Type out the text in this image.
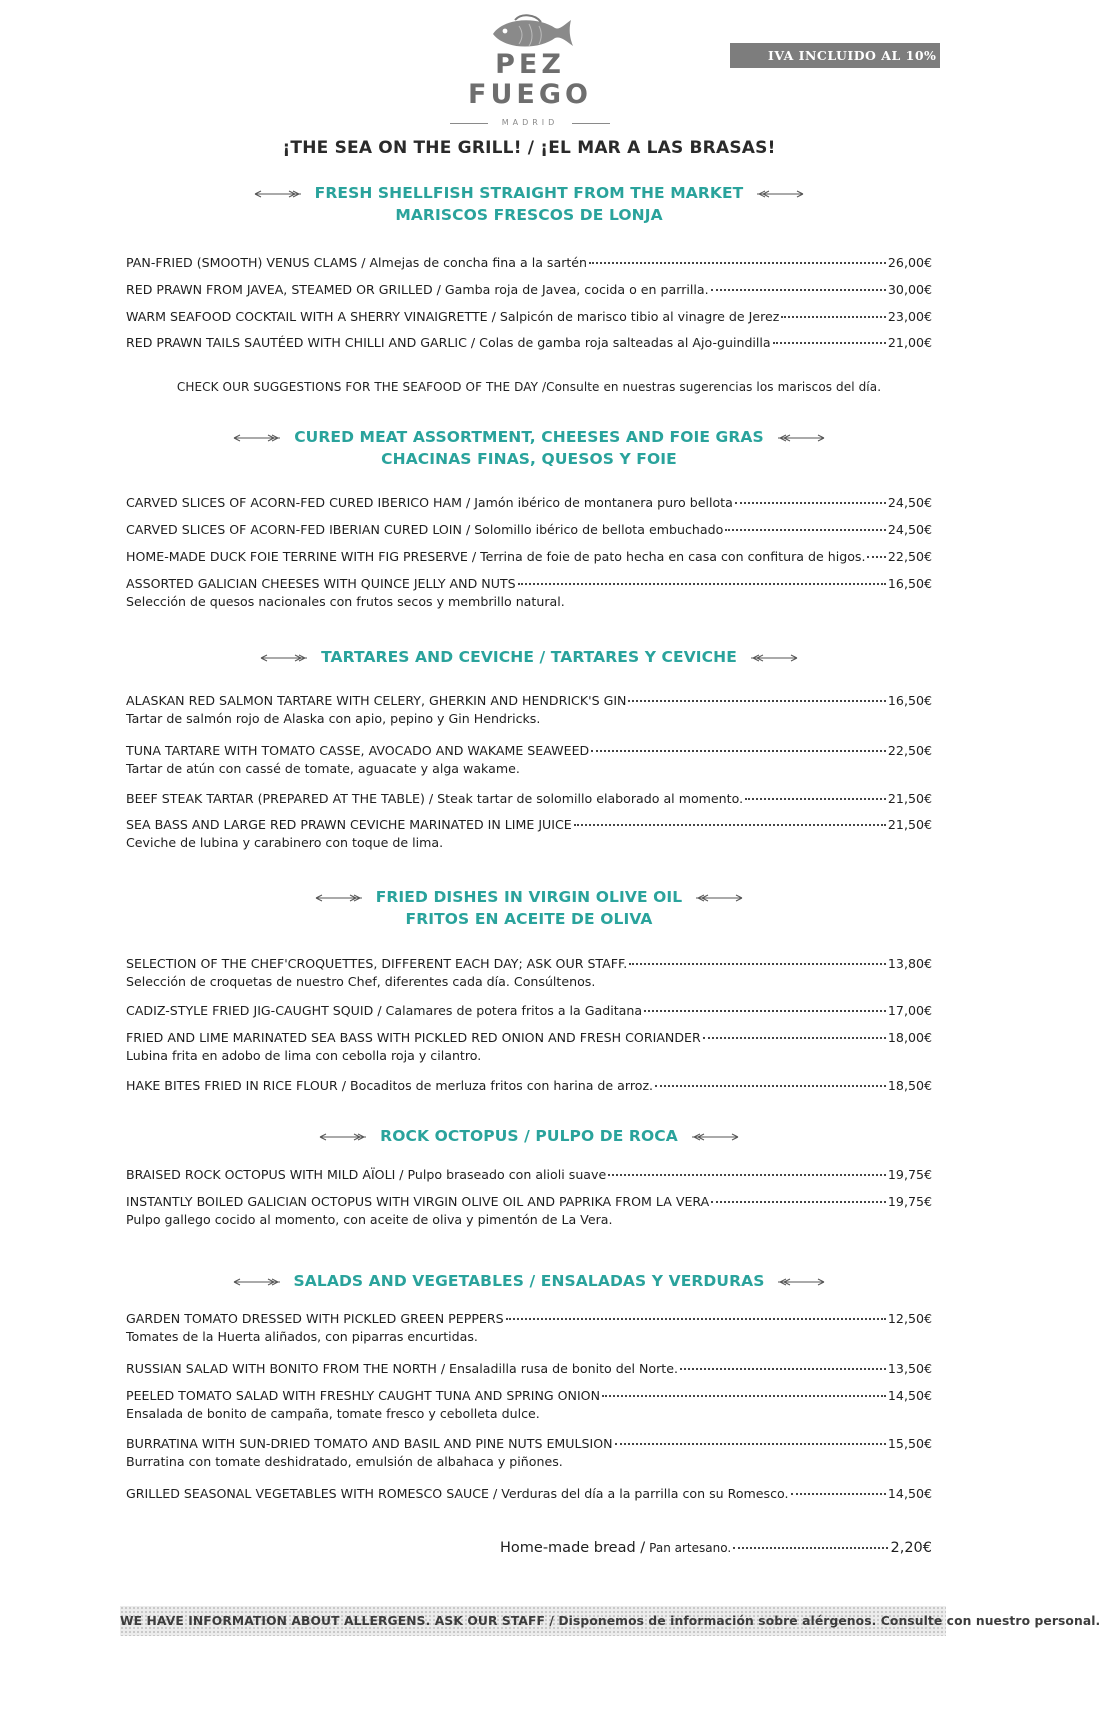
PEZ FUEGO
MADRID
IVA INCLUIDO AL 10%
¡THE SEA ON THE GRILL! / ¡EL MAR A LAS BRASAS!
FRESH SHELLFISH STRAIGHT FROM THE MARKET
MARISCOS FRESCOS DE LONJA
PAN-FRIED (SMOOTH) VENUS CLAMS / Almejas de concha fina a la sartén	26,00€
RED PRAWN FROM JAVEA, STEAMED OR GRILLED / Gamba roja de Javea, cocida o en parrilla.	30,00€
WARM SEAFOOD COCKTAIL WITH A SHERRY VINAIGRETTE / Salpicón de marisco tibio al vinagre de Jerez	23,00€
RED PRAWN TAILS SAUTÉED WITH CHILLI AND GARLIC / Colas de gamba roja salteadas al Ajo-guindilla	21,00€
CURED MEAT ASSORTMENT, CHEESES AND FOIE GRAS
CHACINAS FINAS, QUESOS Y FOIE
CARVED SLICES OF ACORN-FED CURED IBERICO HAM / Jamón ibérico de montanera puro bellota	24,50€
CARVED SLICES OF ACORN-FED IBERIAN CURED LOIN / Solomillo ibérico de bellota embuchado	24,50€
HOME-MADE DUCK FOIE TERRINE WITH FIG PRESERVE / Terrina de foie de pato hecha en casa con confitura de higos. 22,50€
ASSORTED GALICIAN CHEESES WITH QUINCE JELLY AND NUTS	16,50€
Selección de quesos nacionales con frutos secos y membrillo natural.
TARTARES AND CEVICHE / TARTARES Y CEVICHE
ALASKAN RED SALMON TARTARE WITH CELERY, GHERKIN AND HENDRICK'S GIN	16,50€
Tartar de salmón rojo de Alaska con apio, pepino y Gin Hendricks.
TUNA TARTARE WITH TOMATO CASSE, AVOCADO AND WAKAME SEAWEED	22,50€
Tartar de atún con cassé de tomate, aguacate y alga wakame.
BEEF STEAK TARTAR (PREPARED AT THE TABLE) / Steak tartar de solomillo elaborado al momento.	21,50€
SEA BASS AND LARGE RED PRAWN CEVICHE MARINATED IN LIME JUICE	21,50€
Ceviche de lubina y carabinero con toque de lima.
FRIED DISHES IN VIRGIN OLIVE OIL
FRITOS EN ACEITE DE OLIVA
SELECTION OF THE CHEF'CROQUETTES, DIFFERENT EACH DAY; ASK OUR STAFF.	13,80€
Selección de croquetas de nuestro Chef, diferentes cada día. Consúltenos.
CADIZ-STYLE FRIED JIG-CAUGHT SQUID / Calamares de potera fritos a la Gaditana	17,00€
FRIED AND LIME MARINATED SEA BASS WITH PICKLED RED ONION AND FRESH CORIANDER	18,00€
Lubina frita en adobo de lima con cebolla roja y cilantro.
HAKE BITES FRIED IN RICE FLOUR / Bocaditos de merluza fritos con harina de arroz.	18,50€
ROCK OCTOPUS / PULPO DE ROCA
BRAISED ROCK OCTOPUS WITH MILD AÏOLI / Pulpo braseado con alioli suave	19,75€
INSTANTLY BOILED GALICIAN OCTOPUS WITH VIRGIN OLIVE OIL AND PAPRIKA FROM LA VERA	19,75€
Pulpo gallego cocido al momento, con aceite de oliva y pimentón de La Vera.
SALADS AND VEGETABLES / ENSALADAS Y VERDURAS
GARDEN TOMATO DRESSED WITH PICKLED GREEN PEPPERS	12,50€
Tomates de la Huerta aliñados, con piparras encurtidas.
RUSSIAN SALAD WITH BONITO FROM THE NORTH / Ensaladilla rusa de bonito del Norte.	13,50€
PEELED TOMATO SALAD WITH FRESHLY CAUGHT TUNA AND SPRING ONION	14,50€
Ensalada de bonito de campaña, tomate fresco y cebolleta dulce.
BURRATINA WITH SUN-DRIED TOMATO AND BASIL AND PINE NUTS EMULSION	15,50€
Burratina con tomate deshidratado, emulsión de albahaca y piñones.
GRILLED SEASONAL VEGETABLES WITH ROMESCO SAUCE / Verduras del día a la parrilla con su Romesco.	14,50€
CHECK OUR SUGGESTIONS FOR THE SEAFOOD OF THE DAY /Consulte en nuestras sugerencias los mariscos del día.
Home-made bread / Pan artesano.	2,20€
WE HAVE INFORMATION ABOUT ALLERGENS. ASK OUR STAFF / Disponemos de información sobre alérgenos. Consulte con nuestro personal.
